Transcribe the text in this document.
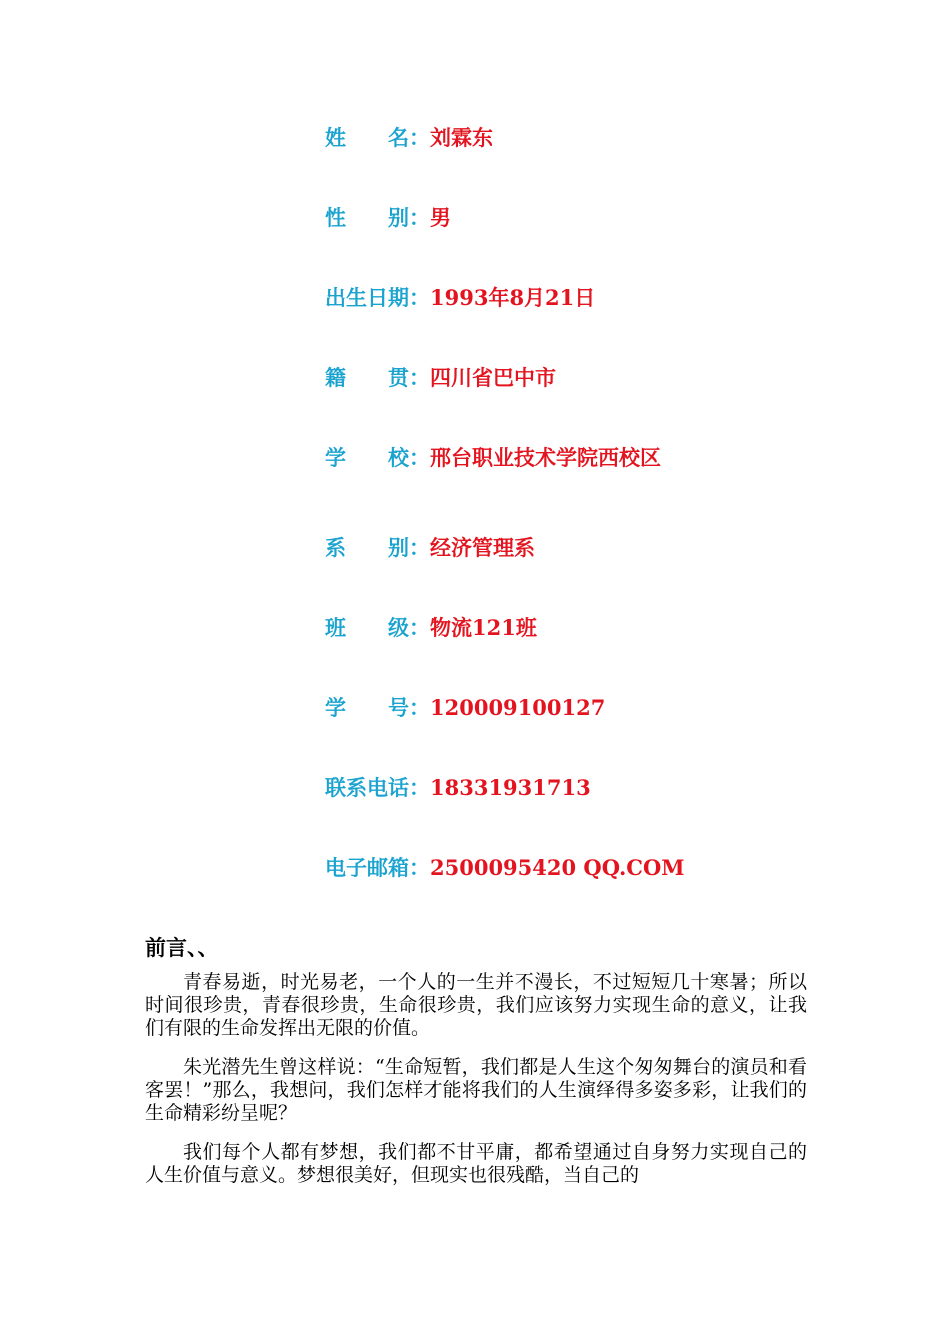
姓　　名：刘霖东
性　　别：男
出生日期：1993年8月21日
籍　　贯：四川省巴中市
学　　校：邢台职业技术学院西校区
系　　别：经济管理系
班　　级：物流121班
学　　号：120009100127
联系电话：18331931713
电子邮箱：2500095420 QQ.COM
前言、、

青春易逝，时光易老，一个人的一生并不漫长，不过短短几十寒暑；所以时间很珍贵，青春很珍贵，生命很珍贵，我们应该努力实现生命的意义，让我们有限的生命发挥出无限的价值。

朱光潜先生曾这样说：“生命短暂，我们都是人生这个匆匆舞台的演员和看客罢！”那么，我想问，我们怎样才能将我们的人生演绎得多姿多彩，让我们的生命精彩纷呈呢？

我们每个人都有梦想，我们都不甘平庸，都希望通过自身努力实现自己的人生价值与意义。梦想很美好，但现实也很残酷，当自己的
